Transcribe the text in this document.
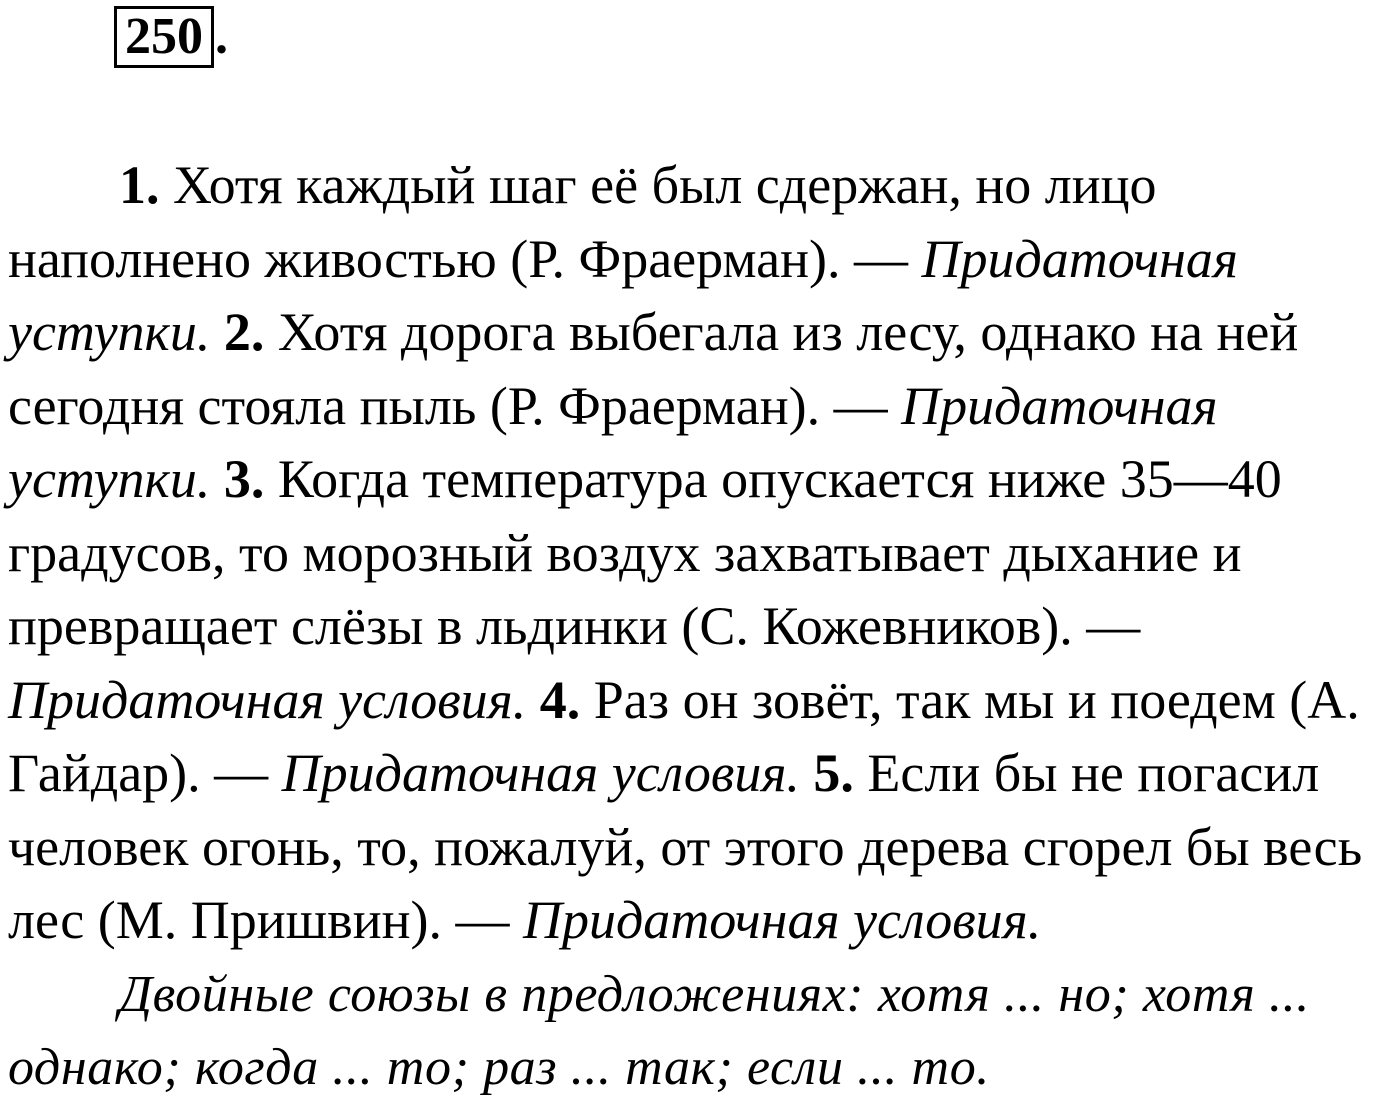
250 .
1. Хотя каждый шаг её был сдержан, но лицо
наполнено живостью (Р. Фраерман). — Придаточная
уступки. 2. Хотя дорога выбегала из лесу, однако на ней
сегодня стояла пыль (Р. Фраерман). — Придаточная
уступки. 3. Когда температура опускается ниже 35—40
градусов, то морозный воздух захватывает дыхание и
превращает слёзы в льдинки (С. Кожевников). —
Придаточная условия. 4. Раз он зовёт, так мы и поедем (А.
Гайдар). — Придаточная условия. 5. Если бы не погасил
человек огонь, то, пожалуй, от этого дерева сгорел бы весь
лес (М. Пришвин). — Придаточная условия.
Двойные союзы в предложениях: хотя ... но; хотя ...
однако; когда ... то; раз ... так; если ... то.
